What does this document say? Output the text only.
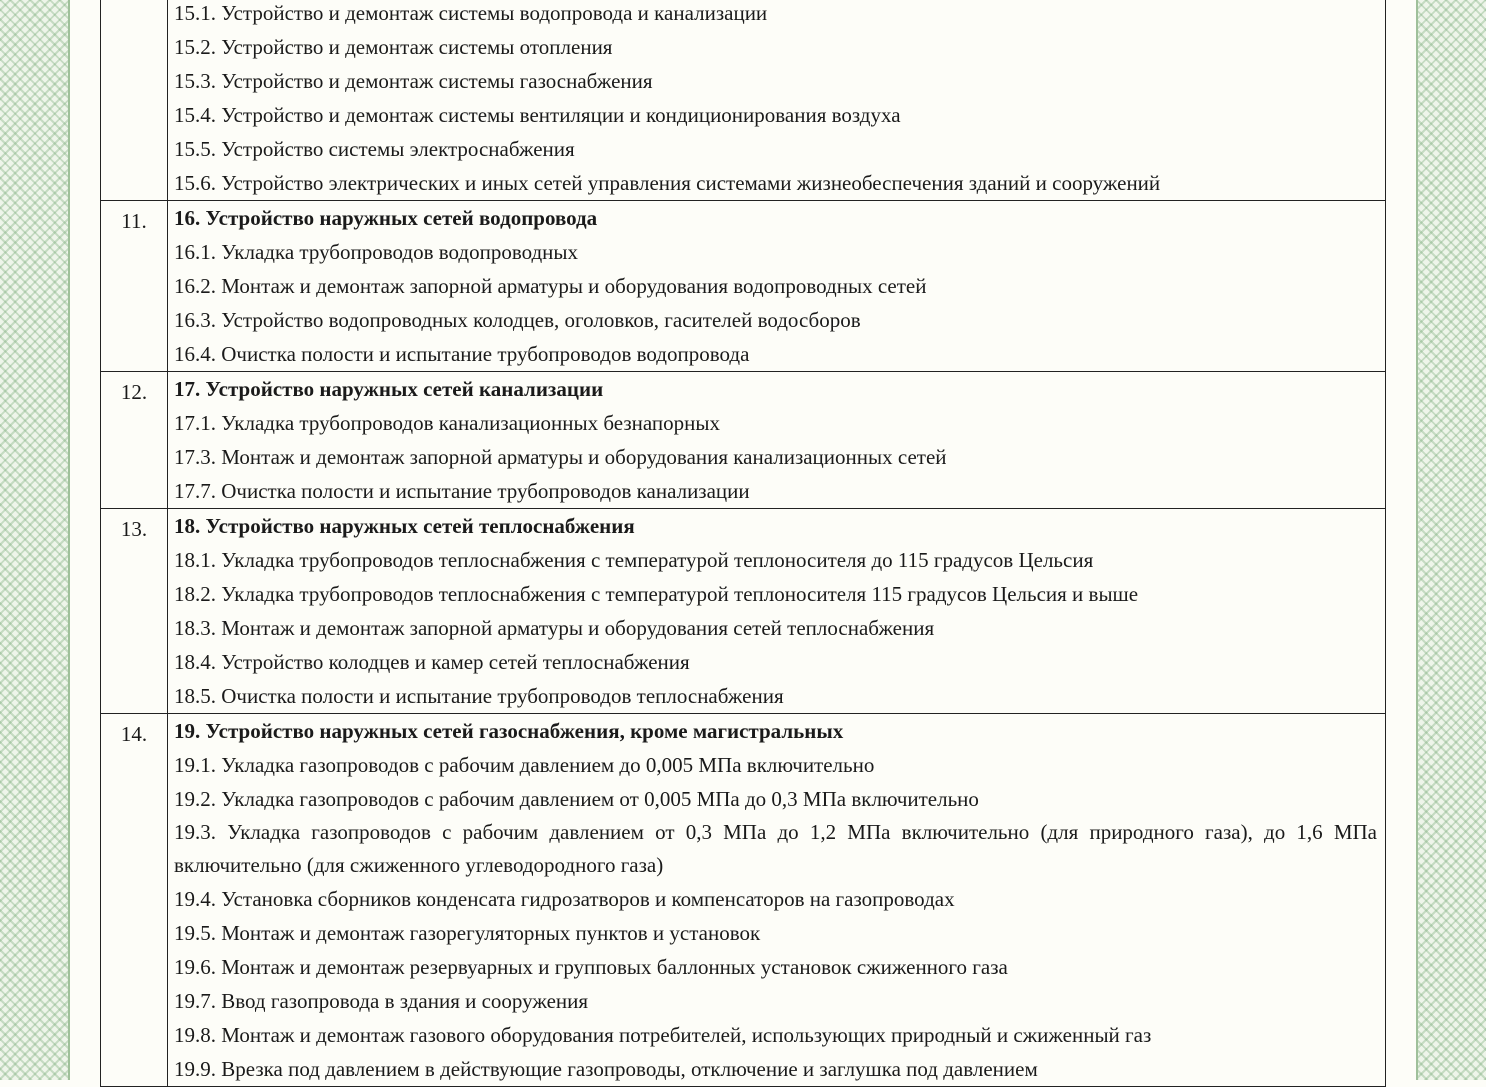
15.1. Устройство и демонтаж системы водопровода и канализации
15.2. Устройство и демонтаж системы отопления
15.3. Устройство и демонтаж системы газоснабжения
15.4. Устройство и демонтаж системы вентиляции и кондиционирования воздуха
15.5. Устройство системы электроснабжения
15.6. Устройство электрических и иных сетей управления системами жизнеобеспечения зданий и сооружений
11.	16. Устройство наружных сетей водопровода
16.1. Укладка трубопроводов водопроводных
16.2. Монтаж и демонтаж запорной арматуры и оборудования водопроводных сетей
16.3. Устройство водопроводных колодцев, оголовков, гасителей водосборов
16.4. Очистка полости и испытание трубопроводов водопровода
12.	17. Устройство наружных сетей канализации
17.1. Укладка трубопроводов канализационных безнапорных
17.3. Монтаж и демонтаж запорной арматуры и оборудования канализационных сетей
17.7. Очистка полости и испытание трубопроводов канализации
13.	18. Устройство наружных сетей теплоснабжения
18.1. Укладка трубопроводов теплоснабжения с температурой теплоносителя до 115 градусов Цельсия
18.2. Укладка трубопроводов теплоснабжения с температурой теплоносителя 115 градусов Цельсия и выше
18.3. Монтаж и демонтаж запорной арматуры и оборудования сетей теплоснабжения
18.4. Устройство колодцев и камер сетей теплоснабжения
18.5. Очистка полости и испытание трубопроводов теплоснабжения
14.	19. Устройство наружных сетей газоснабжения, кроме магистральных
19.1. Укладка газопроводов с рабочим давлением до 0,005 МПа включительно
19.2. Укладка газопроводов с рабочим давлением от 0,005 МПа до 0,3 МПа включительно
19.3. Укладка газопроводов с рабочим давлением от 0,3 МПа до 1,2 МПа включительно (для природного газа), до 1,6 МПа включительно (для сжиженного углеводородного газа)
19.4. Установка сборников конденсата гидрозатворов и компенсаторов на газопроводах
19.5. Монтаж и демонтаж газорегуляторных пунктов и установок
19.6. Монтаж и демонтаж резервуарных и групповых баллонных установок сжиженного газа
19.7. Ввод газопровода в здания и сооружения
19.8. Монтаж и демонтаж газового оборудования потребителей, использующих природный и сжиженный газ
19.9. Врезка под давлением в действующие газопроводы, отключение и заглушка под давлением
